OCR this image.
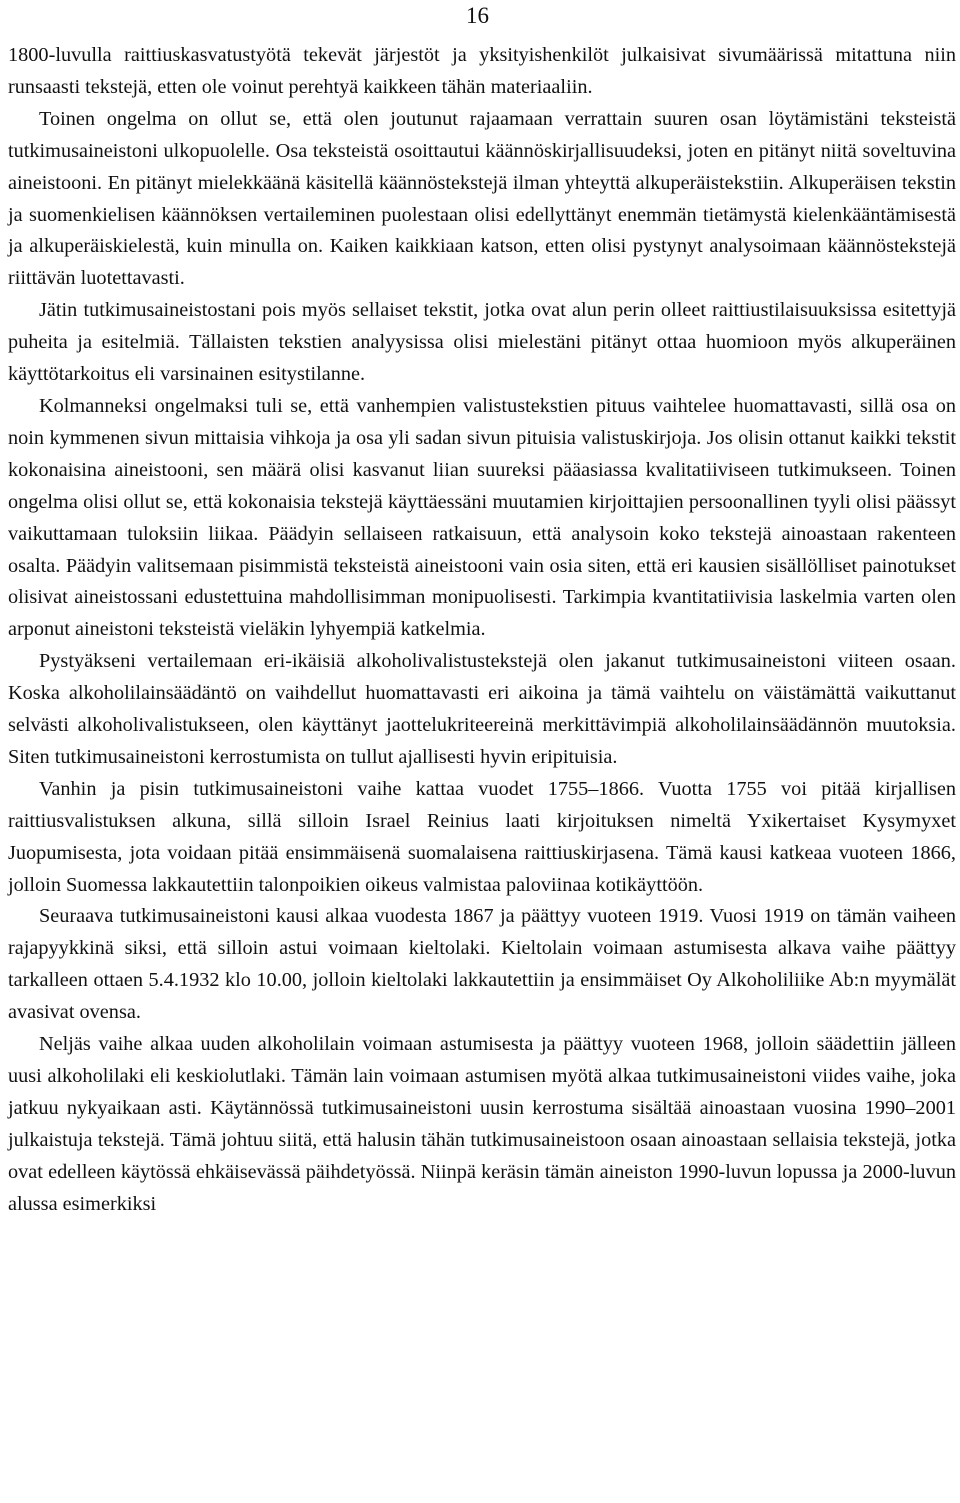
16

1800-luvulla raittiuskasvatustyötä tekevät järjestöt ja yksityishenkilöt julkaisivat sivumäärissä mitattuna niin runsaasti tekstejä, etten ole voinut perehtyä kaikkeen tähän materiaaliin.

Toinen ongelma on ollut se, että olen joutunut rajaamaan verrattain suuren osan löytämistäni teksteistä tutkimusaineistoni ulkopuolelle. Osa teksteistä osoittautui käännöskirjallisuudeksi, joten en pitänyt niitä soveltuvina aineistooni. En pitänyt mielekkäänä käsitellä käännöstekstejä ilman yhteyttä alkuperäistekstiin. Alkuperäisen tekstin ja suomenkielisen käännöksen vertaileminen puolestaan olisi edellyttänyt enemmän tietämystä kielenkääntämisestä ja alkuperäiskielestä, kuin minulla on. Kaiken kaikkiaan katson, etten olisi pystynyt analysoimaan käännöstekstejä riittävän luotettavasti.

Jätin tutkimusaineistostani pois myös sellaiset tekstit, jotka ovat alun perin olleet raittiustilaisuuksissa esitettyjä puheita ja esitelmiä. Tällaisten tekstien analyysissa olisi mielestäni pitänyt ottaa huomioon myös alkuperäinen käyttötarkoitus eli varsinainen esitystilanne.

Kolmanneksi ongelmaksi tuli se, että vanhempien valistustekstien pituus vaihtelee huomattavasti, sillä osa on noin kymmenen sivun mittaisia vihkoja ja osa yli sadan sivun pituisia valistuskirjoja. Jos olisin ottanut kaikki tekstit kokonaisina aineistooni, sen määrä olisi kasvanut liian suureksi pääasiassa kvalitatiiviseen tutkimukseen. Toinen ongelma olisi ollut se, että kokonaisia tekstejä käyttäessäni muutamien kirjoittajien persoonallinen tyyli olisi päässyt vaikuttamaan tuloksiin liikaa. Päädyin sellaiseen ratkaisuun, että analysoin koko tekstejä ainoastaan rakenteen osalta. Päädyin valitsemaan pisimmistä teksteistä aineistooni vain osia siten, että eri kausien sisällölliset painotukset olisivat aineistossani edustettuina mahdollisimman monipuolisesti. Tarkimpia kvantitatiivisia laskelmia varten olen arponut aineistoni teksteistä vieläkin lyhyempiä katkelmia.

Pystyäkseni vertailemaan eri-ikäisiä alkoholivalistustekstejä olen jakanut tutkimusaineistoni viiteen osaan. Koska alkoholilainsäädäntö on vaihdellut huomattavasti eri aikoina ja tämä vaihtelu on väistämättä vaikuttanut selvästi alkoholivalistukseen, olen käyttänyt jaottelukriteereinä merkittävimpiä alkoholilainsäädännön muutoksia. Siten tutkimusaineistoni kerrostumista on tullut ajallisesti hyvin eripituisia.

Vanhin ja pisin tutkimusaineistoni vaihe kattaa vuodet 1755–1866. Vuotta 1755 voi pitää kirjallisen raittiusvalistuksen alkuna, sillä silloin Israel Reinius laati kirjoituksen nimeltä Yxikertaiset Kysymyxet Juopumisesta, jota voidaan pitää ensimmäisenä suomalaisena raittiuskirjasena. Tämä kausi katkeaa vuoteen 1866, jolloin Suomessa lakkautettiin talonpoikien oikeus valmistaa paloviinaa kotikäyttöön.

Seuraava tutkimusaineistoni kausi alkaa vuodesta 1867 ja päättyy vuoteen 1919. Vuosi 1919 on tämän vaiheen rajapyykkinä siksi, että silloin astui voimaan kieltolaki. Kieltolain voimaan astumisesta alkava vaihe päättyy tarkalleen ottaen 5.4.1932 klo 10.00, jolloin kieltolaki lakkautettiin ja ensimmäiset Oy Alkoholiliike Ab:n myymälät avasivat ovensa.

Neljäs vaihe alkaa uuden alkoholilain voimaan astumisesta ja päättyy vuoteen 1968, jolloin säädettiin jälleen uusi alkoholilaki eli keskiolutlaki. Tämän lain voimaan astumisen myötä alkaa tutkimusaineistoni viides vaihe, joka jatkuu nykyaikaan asti. Käytännössä tutkimusaineistoni uusin kerrostuma sisältää ainoastaan vuosina 1990–2001 julkaistuja tekstejä. Tämä johtuu siitä, että halusin tähän tutkimusaineistoon osaan ainoastaan sellaisia tekstejä, jotka ovat edelleen käytössä ehkäisevässä päihdetyössä. Niinpä keräsin tämän aineiston 1990-luvun lopussa ja 2000-luvun alussa esimerkiksi
